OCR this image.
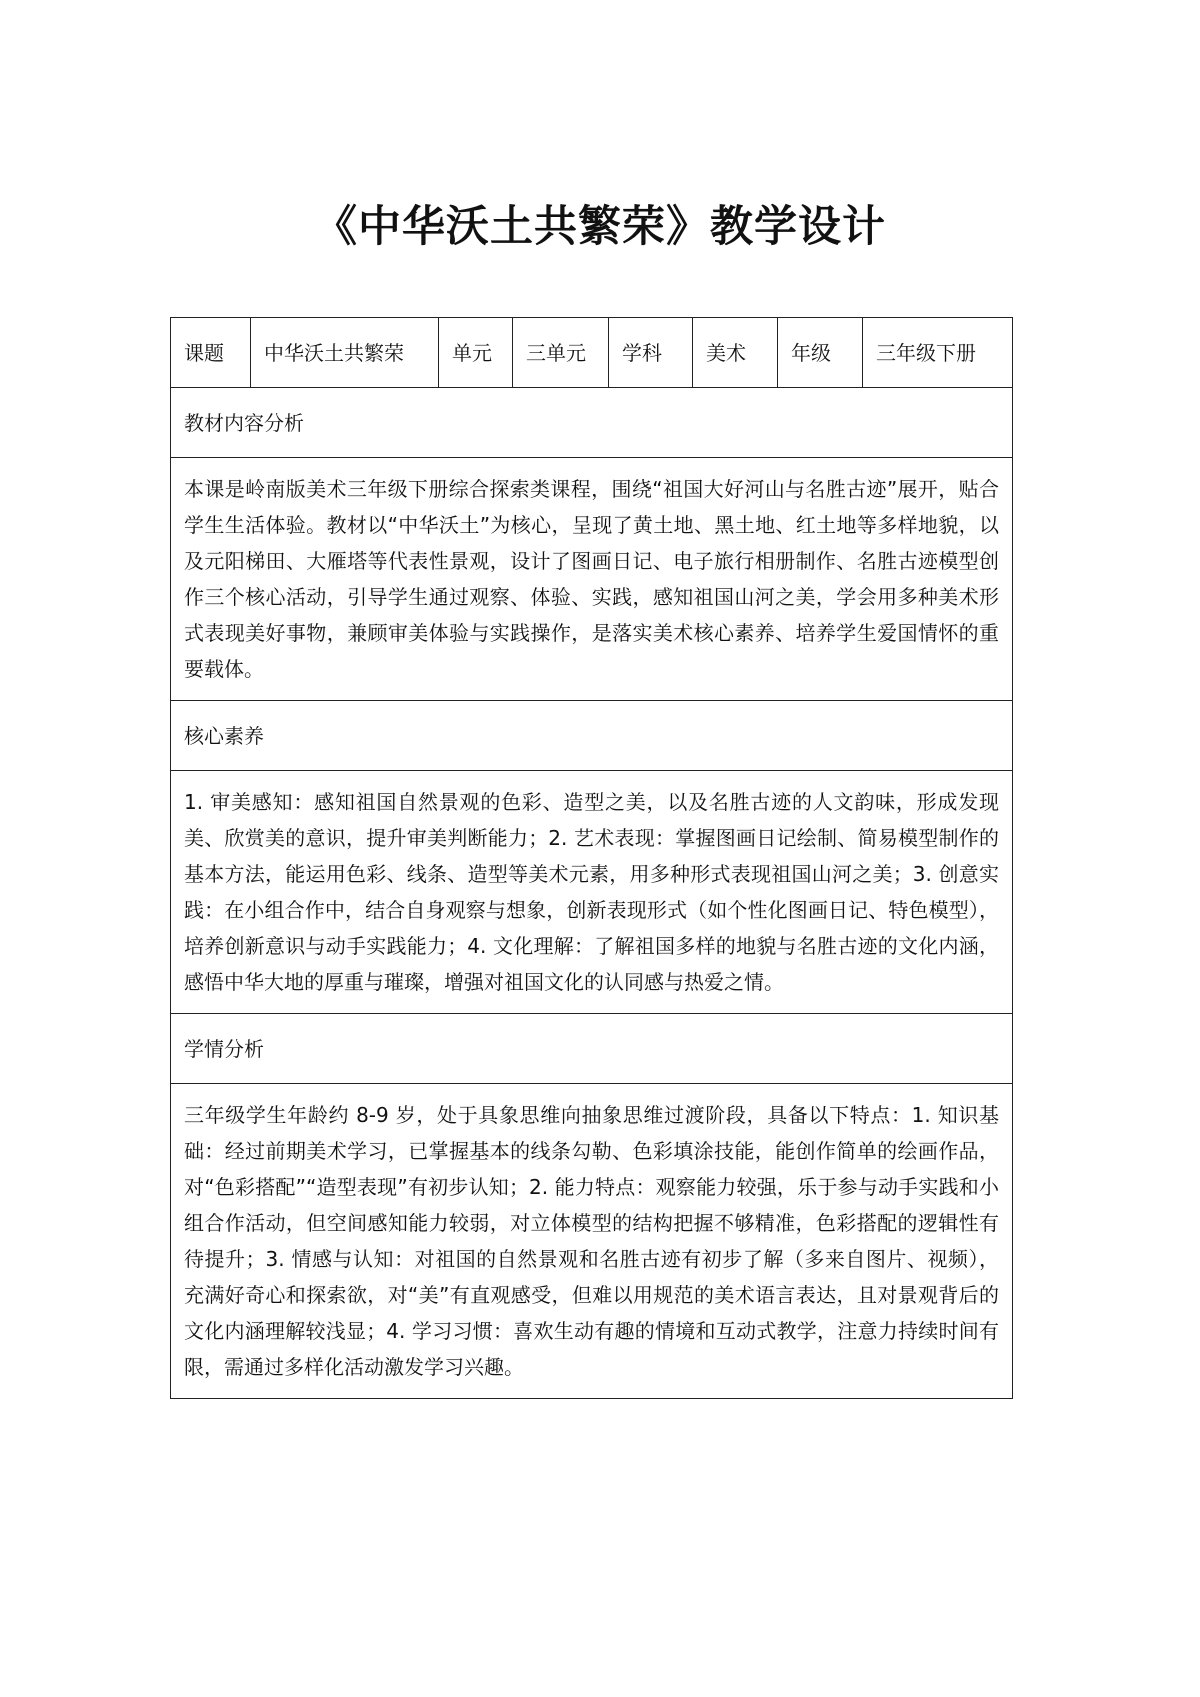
《中华沃土共繁荣》教学设计
课题	中华沃土共繁荣	单元	三单元	学科	美术	年级	三年级下册
教材内容分析
本课是岭南版美术三年级下册综合探索类课程，围绕“祖国大好河山与名胜古迹”展开，贴合学生生活体验。教材以“中华沃土”为核心，呈现了黄土地、黑土地、红土地等多样地貌，以及元阳梯田、大雁塔等代表性景观，设计了图画日记、电子旅行相册制作、名胜古迹模型创作三个核心活动，引导学生通过观察、体验、实践，感知祖国山河之美，学会用多种美术形式表现美好事物，兼顾审美体验与实践操作，是落实美术核心素养、培养学生爱国情怀的重要载体。
核心素养
1. 审美感知：感知祖国自然景观的色彩、造型之美，以及名胜古迹的人文韵味，形成发现美、欣赏美的意识，提升审美判断能力；2. 艺术表现：掌握图画日记绘制、简易模型制作的基本方法，能运用色彩、线条、造型等美术元素，用多种形式表现祖国山河之美；3. 创意实践：在小组合作中，结合自身观察与想象，创新表现形式（如个性化图画日记、特色模型），培养创新意识与动手实践能力；4. 文化理解：了解祖国多样的地貌与名胜古迹的文化内涵，感悟中华大地的厚重与璀璨，增强对祖国文化的认同感与热爱之情。
学情分析
三年级学生年龄约 8-9 岁，处于具象思维向抽象思维过渡阶段，具备以下特点：1. 知识基础：经过前期美术学习，已掌握基本的线条勾勒、色彩填涂技能，能创作简单的绘画作品，对“色彩搭配”“造型表现”有初步认知；2. 能力特点：观察能力较强，乐于参与动手实践和小组合作活动，但空间感知能力较弱，对立体模型的结构把握不够精准，色彩搭配的逻辑性有待提升；3. 情感与认知：对祖国的自然景观和名胜古迹有初步了解（多来自图片、视频），充满好奇心和探索欲，对“美”有直观感受，但难以用规范的美术语言表达，且对景观背后的文化内涵理解较浅显；4. 学习习惯：喜欢生动有趣的情境和互动式教学，注意力持续时间有限，需通过多样化活动激发学习兴趣。
